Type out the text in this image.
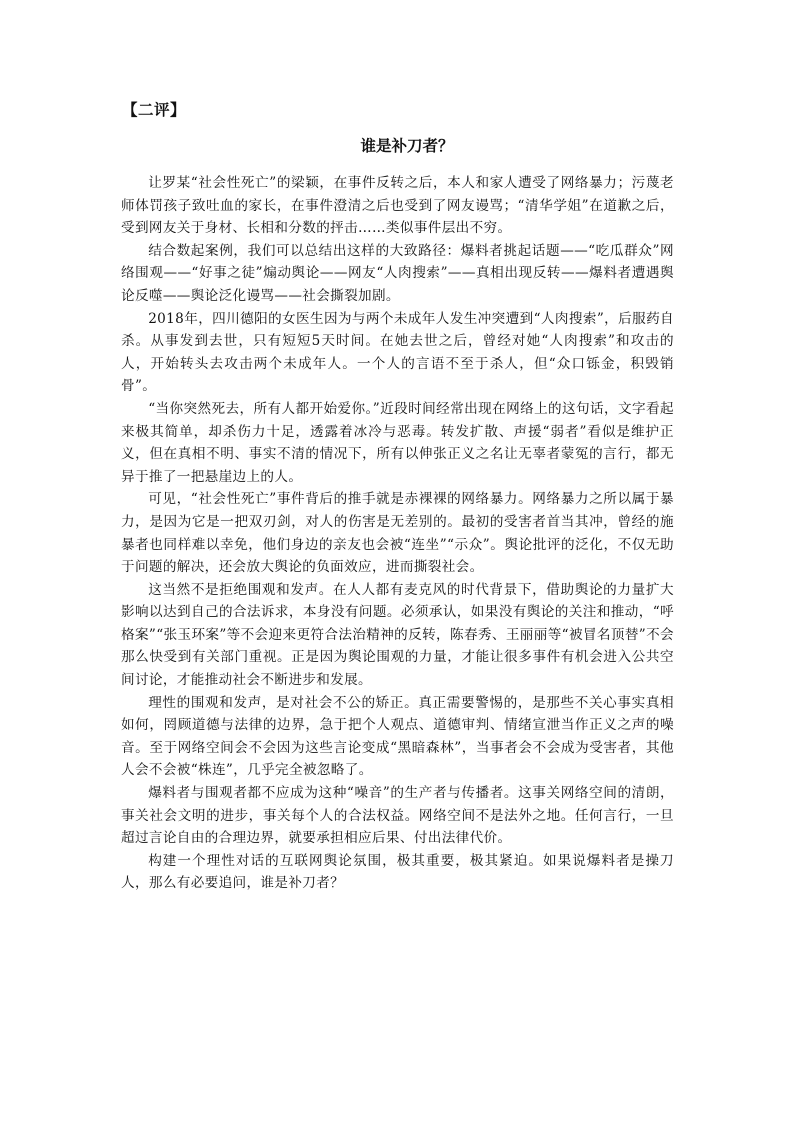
【二评】

谁是补刀者？

让罗某“社会性死亡”的梁颖，在事件反转之后，本人和家人遭受了网络暴力；污蔑老师体罚孩子致吐血的家长，在事件澄清之后也受到了网友谩骂；“清华学姐”在道歉之后，受到网友关于身材、长相和分数的抨击……类似事件层出不穷。

结合数起案例，我们可以总结出这样的大致路径：爆料者挑起话题——“吃瓜群众”网络围观——“好事之徒”煽动舆论——网友“人肉搜索”——真相出现反转——爆料者遭遇舆论反噬——舆论泛化谩骂——社会撕裂加剧。

2018年，四川德阳的女医生因为与两个未成年人发生冲突遭到“人肉搜索”，后服药自杀。从事发到去世，只有短短5天时间。在她去世之后，曾经对她“人肉搜索”和攻击的人，开始转头去攻击两个未成年人。一个人的言语不至于杀人，但“众口铄金，积毁销骨”。

“当你突然死去，所有人都开始爱你。”近段时间经常出现在网络上的这句话，文字看起来极其简单，却杀伤力十足，透露着冰冷与恶毒。转发扩散、声援“弱者”看似是维护正义，但在真相不明、事实不清的情况下，所有以伸张正义之名让无辜者蒙冤的言行，都无异于推了一把悬崖边上的人。

可见，“社会性死亡”事件背后的推手就是赤裸裸的网络暴力。网络暴力之所以属于暴力，是因为它是一把双刃剑，对人的伤害是无差别的。最初的受害者首当其冲，曾经的施暴者也同样难以幸免，他们身边的亲友也会被“连坐”“示众”。舆论批评的泛化，不仅无助于问题的解决，还会放大舆论的负面效应，进而撕裂社会。

这当然不是拒绝围观和发声。在人人都有麦克风的时代背景下，借助舆论的力量扩大影响以达到自己的合法诉求，本身没有问题。必须承认，如果没有舆论的关注和推动，“呼格案”“张玉环案”等不会迎来更符合法治精神的反转，陈春秀、王丽丽等“被冒名顶替”不会那么快受到有关部门重视。正是因为舆论围观的力量，才能让很多事件有机会进入公共空间讨论，才能推动社会不断进步和发展。

理性的围观和发声，是对社会不公的矫正。真正需要警惕的，是那些不关心事实真相如何，罔顾道德与法律的边界，急于把个人观点、道德审判、情绪宣泄当作正义之声的噪音。至于网络空间会不会因为这些言论变成“黑暗森林”，当事者会不会成为受害者，其他人会不会被“株连”，几乎完全被忽略了。

爆料者与围观者都不应成为这种“噪音”的生产者与传播者。这事关网络空间的清朗，事关社会文明的进步，事关每个人的合法权益。网络空间不是法外之地。任何言行，一旦超过言论自由的合理边界，就要承担相应后果、付出法律代价。

构建一个理性对话的互联网舆论氛围，极其重要，极其紧迫。如果说爆料者是操刀人，那么有必要追问，谁是补刀者？
